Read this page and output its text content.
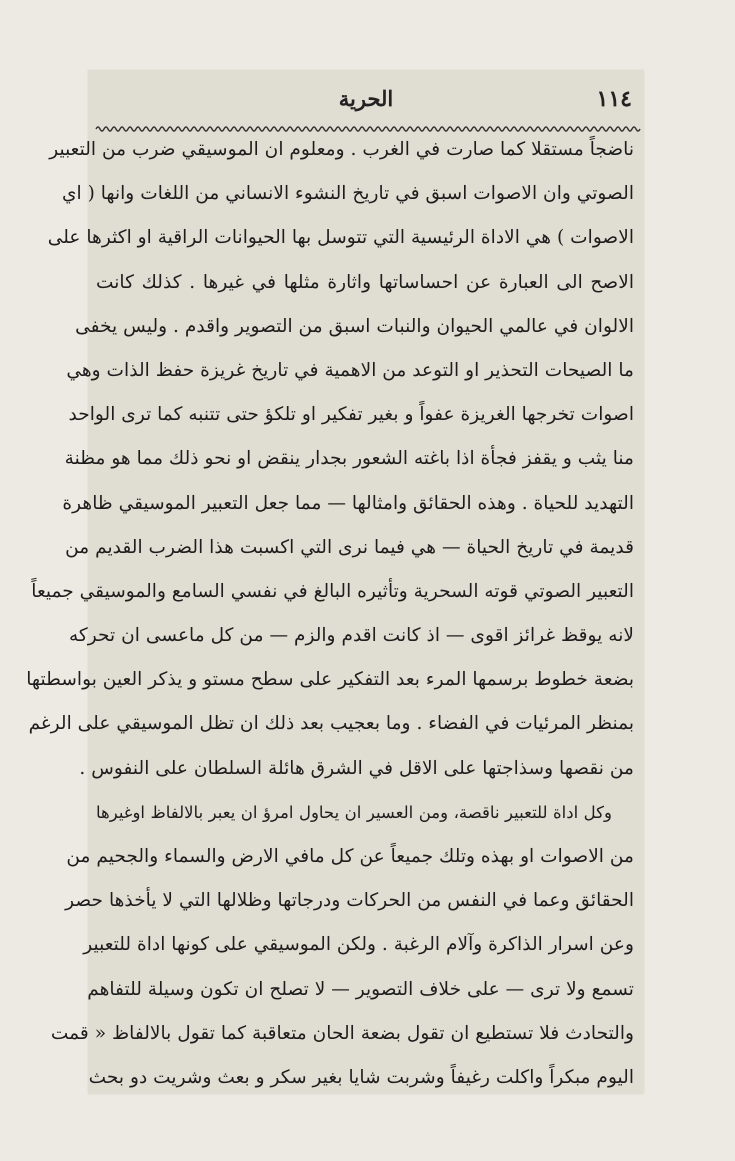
الحرية	١١٤
ناضجاً مستقلا كما صارت في الغرب . ومعلوم ان الموسيقي ضرب من التعبير
الصوتي وان الاصوات اسبق في تاريخ النشوء الانساني من اللغات وانها ( اي
الاصوات ) هي الاداة الرئيسية التي تتوسل بها الحيوانات الراقية او اكثرها على
الاصح الى العبارة عن احساساتها واثارة مثلها في غيرها . كذلك كانت
الالوان في عالمي الحيوان والنبات اسبق من التصوير واقدم . وليس يخفى
ما الصيحات التحذير او التوعد من الاهمية في تاريخ غريزة حفظ الذات وهي
اصوات تخرجها الغريزة عفواً و بغير تفكير او تلكؤ حتى تتنبه كما ترى الواحد
منا يثب و يقفز فجأة اذا باغته الشعور بجدار ينقض او نحو ذلك مما هو مظنة
التهديد للحياة . وهذه الحقائق وامثالها — مما جعل التعبير الموسيقي ظاهرة
قديمة في تاريخ الحياة — هي فيما نرى التي اكسبت هذا الضرب القديم من
التعبير الصوتي قوته السحرية وتأثيره البالغ في نفسي السامع والموسيقي جميعاً
لانه يوقظ غرائز اقوى — اذ كانت اقدم والزم — من كل ماعسى ان تحركه
بضعة خطوط برسمها المرء بعد التفكير على سطح مستو و يذكر العين بواسطتها
بمنظر المرئيات في الفضاء . وما بعجيب بعد ذلك ان تظل الموسيقي على الرغم
من نقصها وسذاجتها على الاقل في الشرق هائلة السلطان على النفوس .
وكل اداة للتعبير ناقصة، ومن العسير ان يحاول امرؤ ان يعبر بالالفاظ اوغيرها
من الاصوات او بهذه وتلك جميعاً عن كل مافي الارض والسماء والجحيم من
الحقائق وعما في النفس من الحركات ودرجاتها وظلالها التي لا يأخذها حصر
وعن اسرار الذاكرة وآلام الرغبة . ولكن الموسيقي على كونها اداة للتعبير
تسمع ولا ترى — على خلاف التصوير — لا تصلح ان تكون وسيلة للتفاهم
والتحادث فلا تستطيع ان تقول بضعة الحان متعاقبة كما تقول بالالفاظ « قمت
اليوم مبكراً واكلت رغيفاً وشربت شايا بغير سكر و بعث وشريت دو بحث
